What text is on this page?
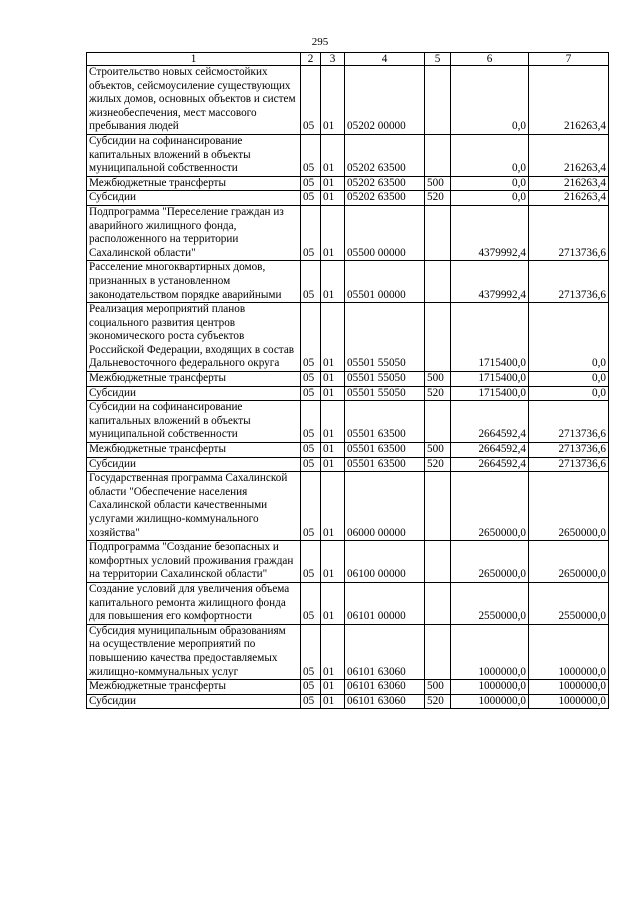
295
1	2	3	4	5	6	7
Строительство новых сейсмостойких объектов, сейсмоусиление существующих жилых домов, основных объектов и систем жизнеобеспечения, мест массового пребывания людей	05	01	05202 00000		0,0	216263,4
Субсидии на софинансирование капитальных вложений в объекты муниципальной собственности	05	01	05202 63500		0,0	216263,4
Межбюджетные трансферты	05	01	05202 63500	500	0,0	216263,4
Субсидии	05	01	05202 63500	520	0,0	216263,4
Подпрограмма "Переселение граждан из аварийного жилищного фонда, расположенного на территории Сахалинской области"	05	01	05500 00000		4379992,4	2713736,6
Расселение многоквартирных домов, признанных в установленном законодательством порядке аварийными	05	01	05501 00000		4379992,4	2713736,6
Реализация мероприятий планов социального развития центров экономического роста субъектов Российской Федерации, входящих в состав Дальневосточного федерального округа	05	01	05501 55050		1715400,0	0,0
Межбюджетные трансферты	05	01	05501 55050	500	1715400,0	0,0
Субсидии	05	01	05501 55050	520	1715400,0	0,0
Субсидии на софинансирование капитальных вложений в объекты муниципальной собственности	05	01	05501 63500		2664592,4	2713736,6
Межбюджетные трансферты	05	01	05501 63500	500	2664592,4	2713736,6
Субсидии	05	01	05501 63500	520	2664592,4	2713736,6
Государственная программа Сахалинской области "Обеспечение населения Сахалинской области качественными услугами жилищно-коммунального хозяйства"	05	01	06000 00000		2650000,0	2650000,0
Подпрограмма "Создание безопасных и комфортных условий проживания граждан на территории Сахалинской области"	05	01	06100 00000		2650000,0	2650000,0
Создание условий для увеличения объема капитального ремонта жилищного фонда для повышения его комфортности	05	01	06101 00000		2550000,0	2550000,0
Субсидия муниципальным образованиям на осуществление мероприятий по повышению качества предоставляемых жилищно-коммунальных услуг	05	01	06101 63060		1000000,0	1000000,0
Межбюджетные трансферты	05	01	06101 63060	500	1000000,0	1000000,0
Субсидии	05	01	06101 63060	520	1000000,0	1000000,0
